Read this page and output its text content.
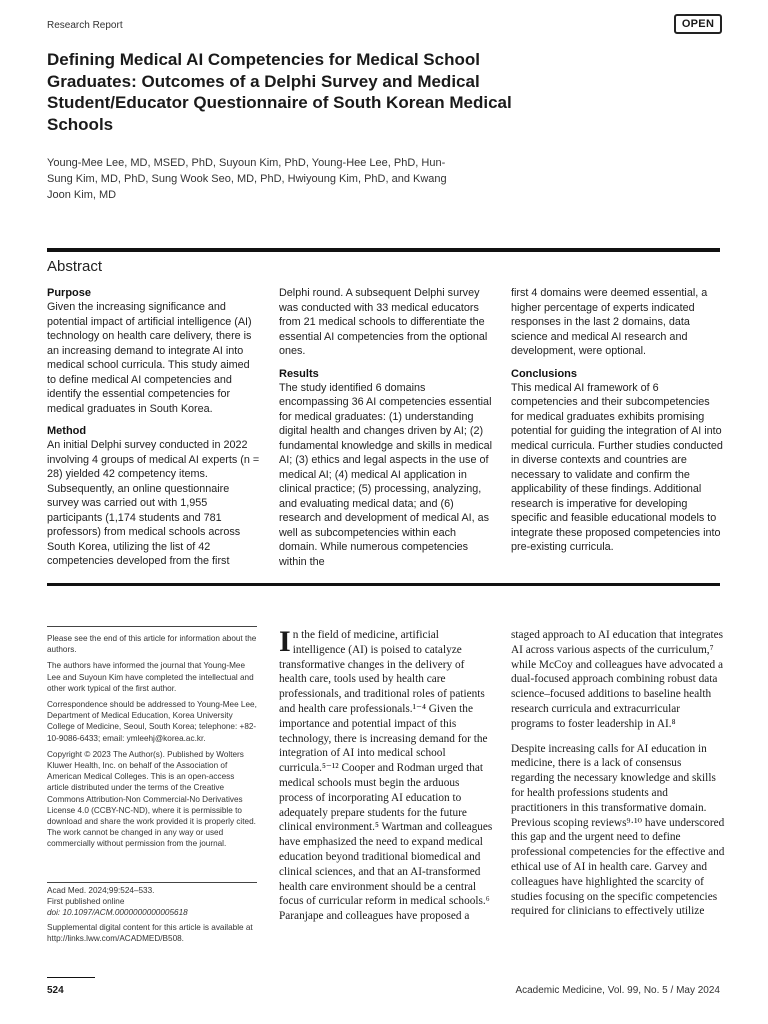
Research Report	OPEN
Defining Medical AI Competencies for Medical School Graduates: Outcomes of a Delphi Survey and Medical Student/Educator Questionnaire of South Korean Medical Schools
Young-Mee Lee, MD, MSED, PhD, Suyoun Kim, PhD, Young-Hee Lee, PhD, Hun-Sung Kim, MD, PhD, Sung Wook Seo, MD, PhD, Hwiyoung Kim, PhD, and Kwang Joon Kim, MD
Abstract
Purpose

Given the increasing significance and potential impact of artificial intelligence (AI) technology on health care delivery, there is an increasing demand to integrate AI into medical school curricula. This study aimed to define medical AI competencies and identify the essential competencies for medical graduates in South Korea.

Method

An initial Delphi survey conducted in 2022 involving 4 groups of medical AI experts (n = 28) yielded 42 competency items. Subsequently, an online questionnaire survey was carried out with 1,955 participants (1,174 students and 781 professors) from medical schools across South Korea, utilizing the list of 42 competencies developed from the first

Delphi round. A subsequent Delphi survey was conducted with 33 medical educators from 21 medical schools to differentiate the essential AI competencies from the optional ones.

Results

The study identified 6 domains encompassing 36 AI competencies essential for medical graduates: (1) understanding digital health and changes driven by AI; (2) fundamental knowledge and skills in medical AI; (3) ethics and legal aspects in the use of medical AI; (4) medical AI application in clinical practice; (5) processing, analyzing, and evaluating medical data; and (6) research and development of medical AI, as well as subcompetencies within each domain. While numerous competencies within the

first 4 domains were deemed essential, a higher percentage of experts indicated responses in the last 2 domains, data science and medical AI research and development, were optional.

Conclusions

This medical AI framework of 6 competencies and their subcompetencies for medical graduates exhibits promising potential for guiding the integration of AI into medical curricula. Further studies conducted in diverse contexts and countries are necessary to validate and confirm the applicability of these findings. Additional research is imperative for developing specific and feasible educational models to integrate these proposed competencies into pre-existing curricula.

Please see the end of this article for information about the authors.

The authors have informed the journal that Young-Mee Lee and Suyoun Kim have completed the intellectual and other work typical of the first author.

Correspondence should be addressed to Young-Mee Lee, Department of Medical Education, Korea University College of Medicine, Seoul, South Korea; telephone: +82-10-9086-6433; email: ymleehj@korea.ac.kr.

Copyright © 2023 The Author(s). Published by Wolters Kluwer Health, Inc. on behalf of the Association of American Medical Colleges. This is an open-access article distributed under the terms of the Creative Commons Attribution-Non Commercial-No Derivatives License 4.0 (CCBY-NC-ND), where it is permissible to download and share the work provided it is properly cited. The work cannot be changed in any way or used commercially without permission from the journal.

Acad Med. 2024;99:524–533.
First published online
doi: 10.1097/ACM.0000000000005618
Supplemental digital content for this article is available at http://links.lww.com/ACADMED/B508.

In the field of medicine, artificial intelligence (AI) is poised to catalyze transformative changes in the delivery of health care, tools used by health care professionals, and traditional roles of patients and health care professionals.¹⁻⁴ Given the importance and potential impact of this technology, there is increasing demand for the integration of AI into medical school curricula.⁵⁻¹² Cooper and Rodman urged that medical schools must begin the arduous process of incorporating AI education to adequately prepare students for the future clinical environment.⁵ Wartman and colleagues have emphasized the need to expand medical education beyond traditional biomedical and clinical sciences, and that an AI-transformed health care environment should be a central focus of curricular reform in medical schools.⁶ Paranjape and colleagues have proposed a

staged approach to AI education that integrates AI across various aspects of the curriculum,⁷ while McCoy and colleagues have advocated a dual-focused approach combining robust data science–focused additions to baseline health research curricula and extracurricular programs to foster leadership in AI.⁸

Despite increasing calls for AI education in medicine, there is a lack of consensus regarding the necessary knowledge and skills for health professions students and practitioners in this transformative domain. Previous scoping reviews⁹·¹⁰ have underscored this gap and the urgent need to define professional competencies for the effective and ethical use of AI in health care. Garvey and colleagues have highlighted the scarcity of studies focusing on the specific competencies required for clinicians to effectively utilize

524	Academic Medicine, Vol. 99, No. 5 / May 2024
